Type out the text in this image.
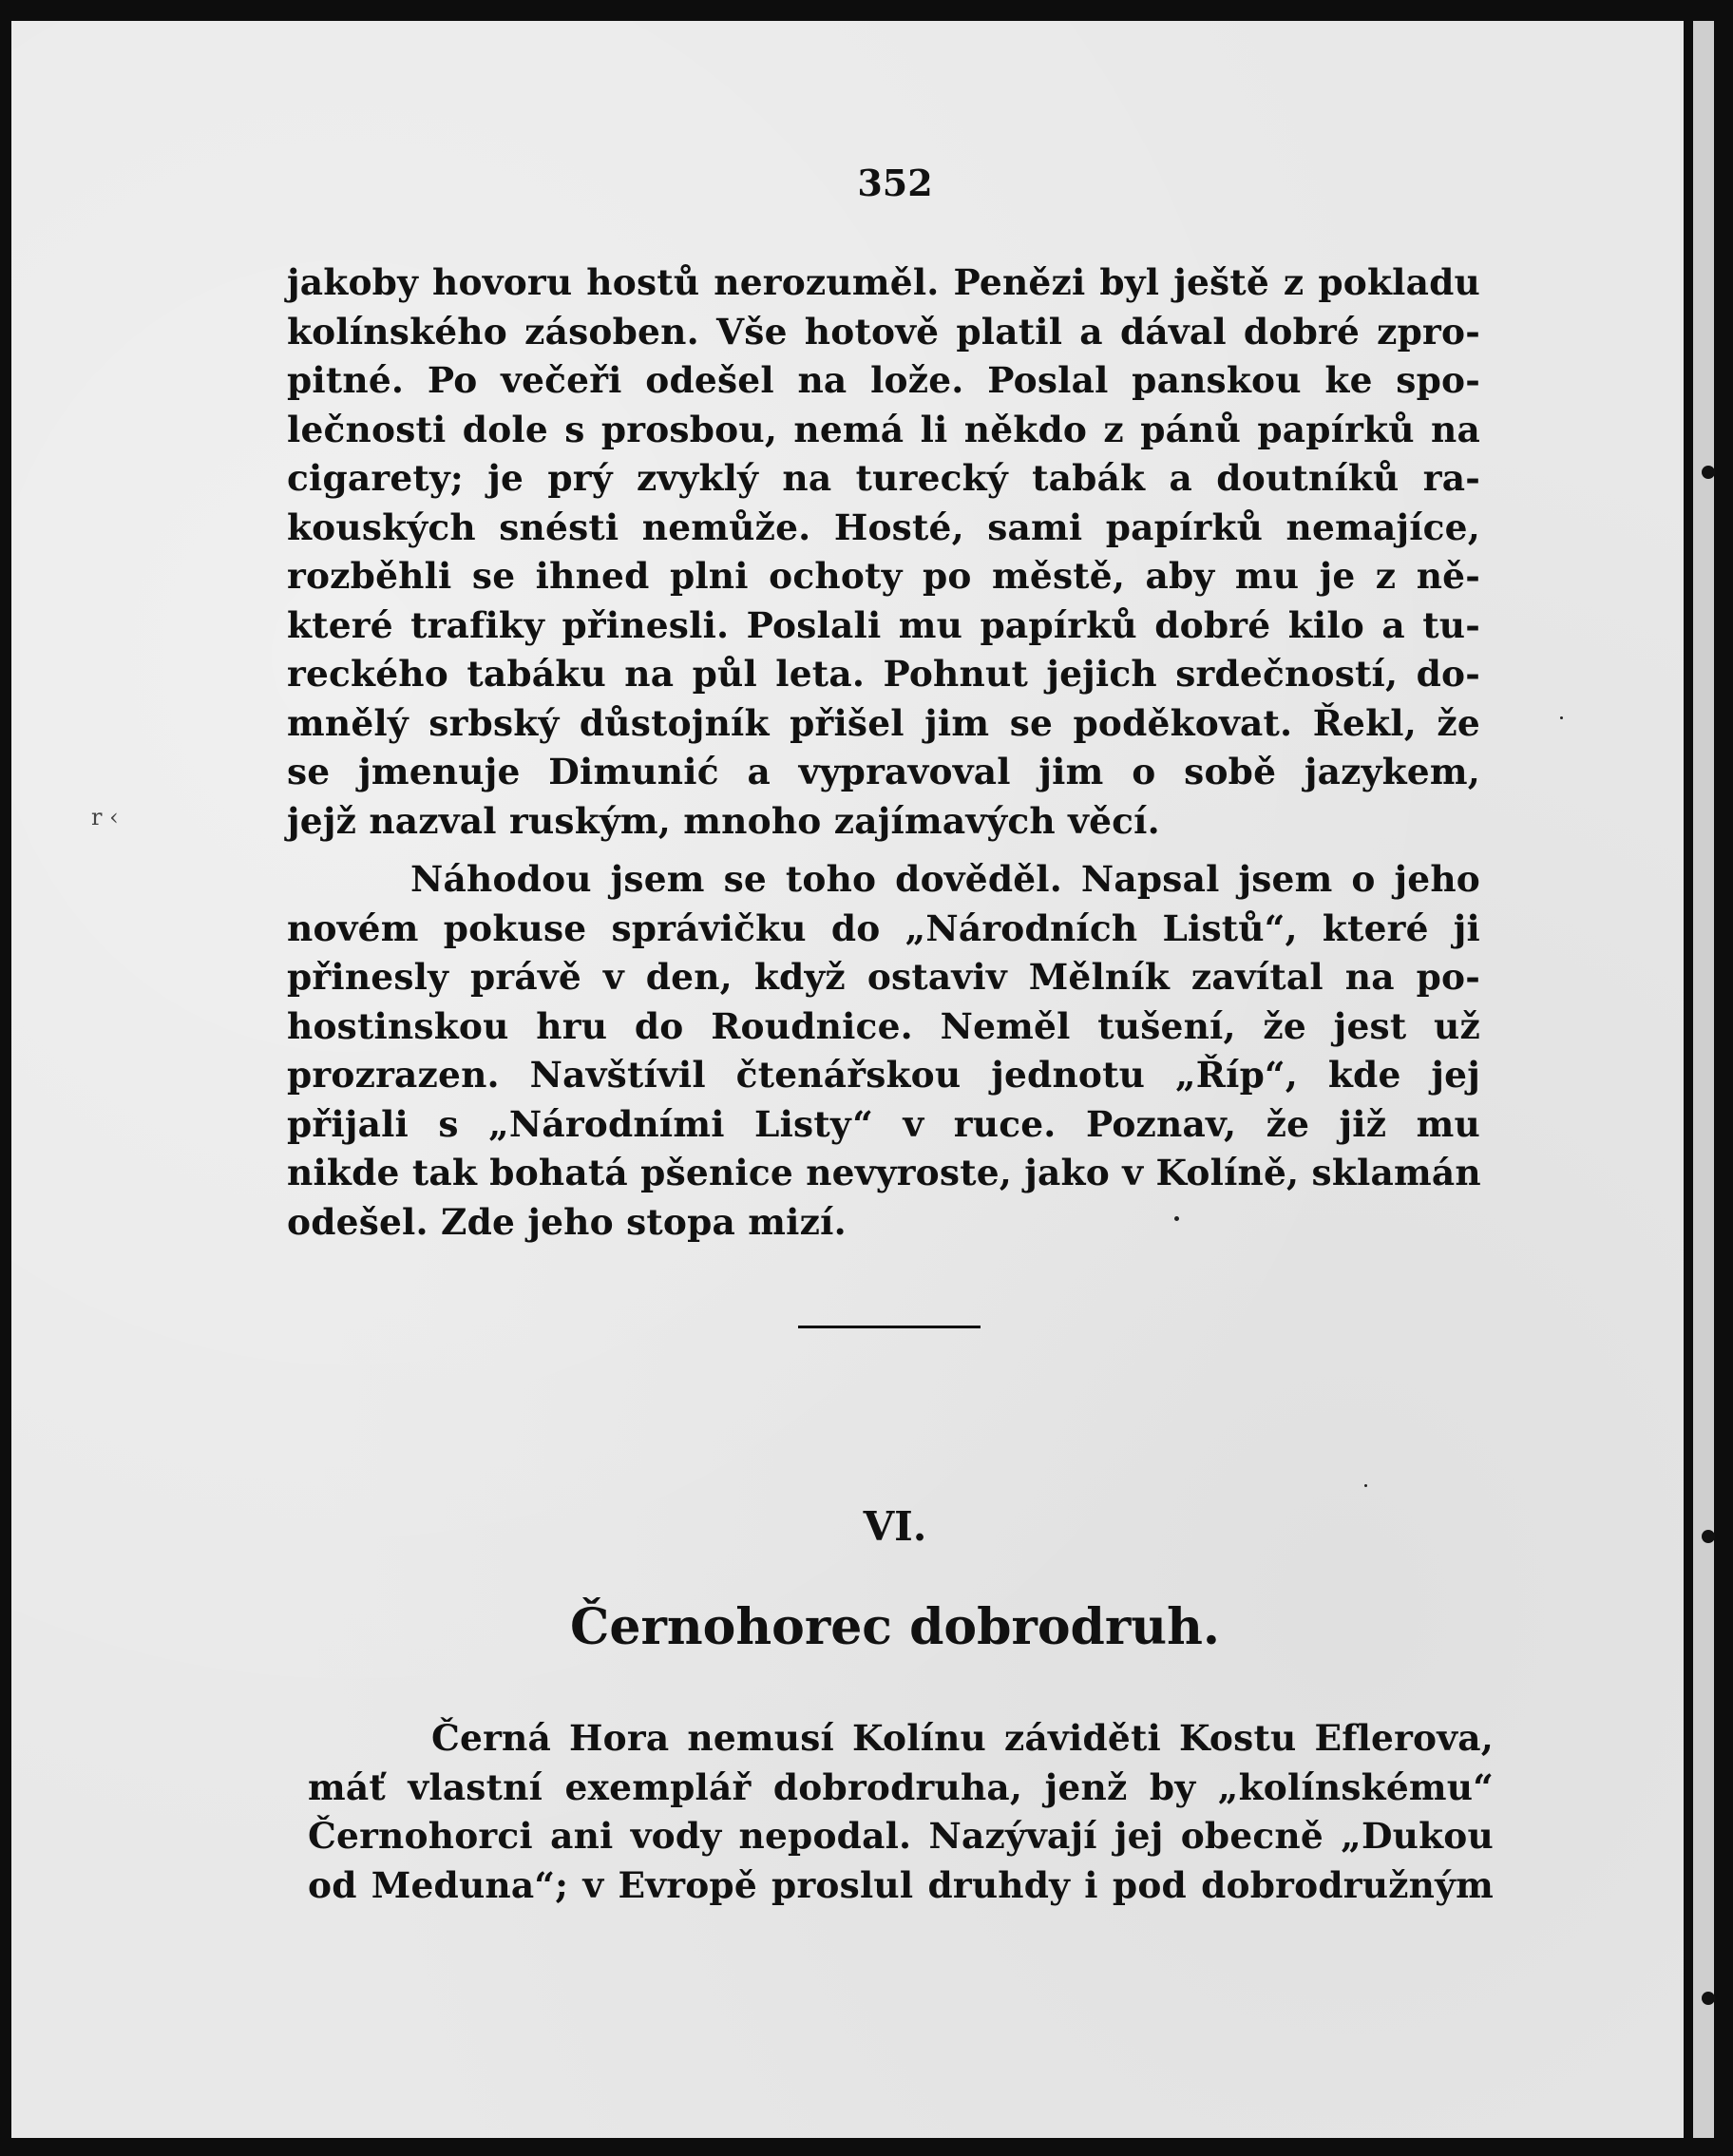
352
r ‹
jakoby hovoru hostů nerozuměl. Penězi byl ještě z pokladu
kolínského zásoben. Vše hotově platil a dával dobré zpro-
pitné. Po večeři odešel na lože. Poslal panskou ke spo-
lečnosti dole s prosbou, nemá li někdo z pánů papírků na
cigarety; je prý zvyklý na turecký tabák a doutníků ra-
kouských snésti nemůže. Hosté, sami papírků nemajíce,
rozběhli se ihned plni ochoty po městě, aby mu je z ně-
které trafiky přinesli. Poslali mu papírků dobré kilo a tu-
reckého tabáku na půl leta. Pohnut jejich srdečností, do-
mnělý srbský důstojník přišel jim se poděkovat. Řekl, že
se jmenuje Dimunić a vypravoval jim o sobě jazykem,
jejž nazval ruským, mnoho zajímavých věcí.
Náhodou jsem se toho dověděl. Napsal jsem o jeho
novém pokuse správičku do „Národních Listů“, které ji
přinesly právě v den, když ostaviv Mělník zavítal na po-
hostinskou hru do Roudnice. Neměl tušení, že jest už
prozrazen. Navštívil čtenářskou jednotu „Říp“, kde jej
přijali s „Národními Listy“ v ruce. Poznav, že již mu
nikde tak bohatá pšenice nevyroste, jako v Kolíně, sklamán
odešel. Zde jeho stopa mizí.
VI.
Černohorec dobrodruh.
Černá Hora nemusí Kolínu záviděti Kostu Eflerova,
máť vlastní exemplář dobrodruha, jenž by „kolínskému“
Černohorci ani vody nepodal. Nazývají jej obecně „Dukou
od Meduna“; v Evropě proslul druhdy i pod dobrodružným
